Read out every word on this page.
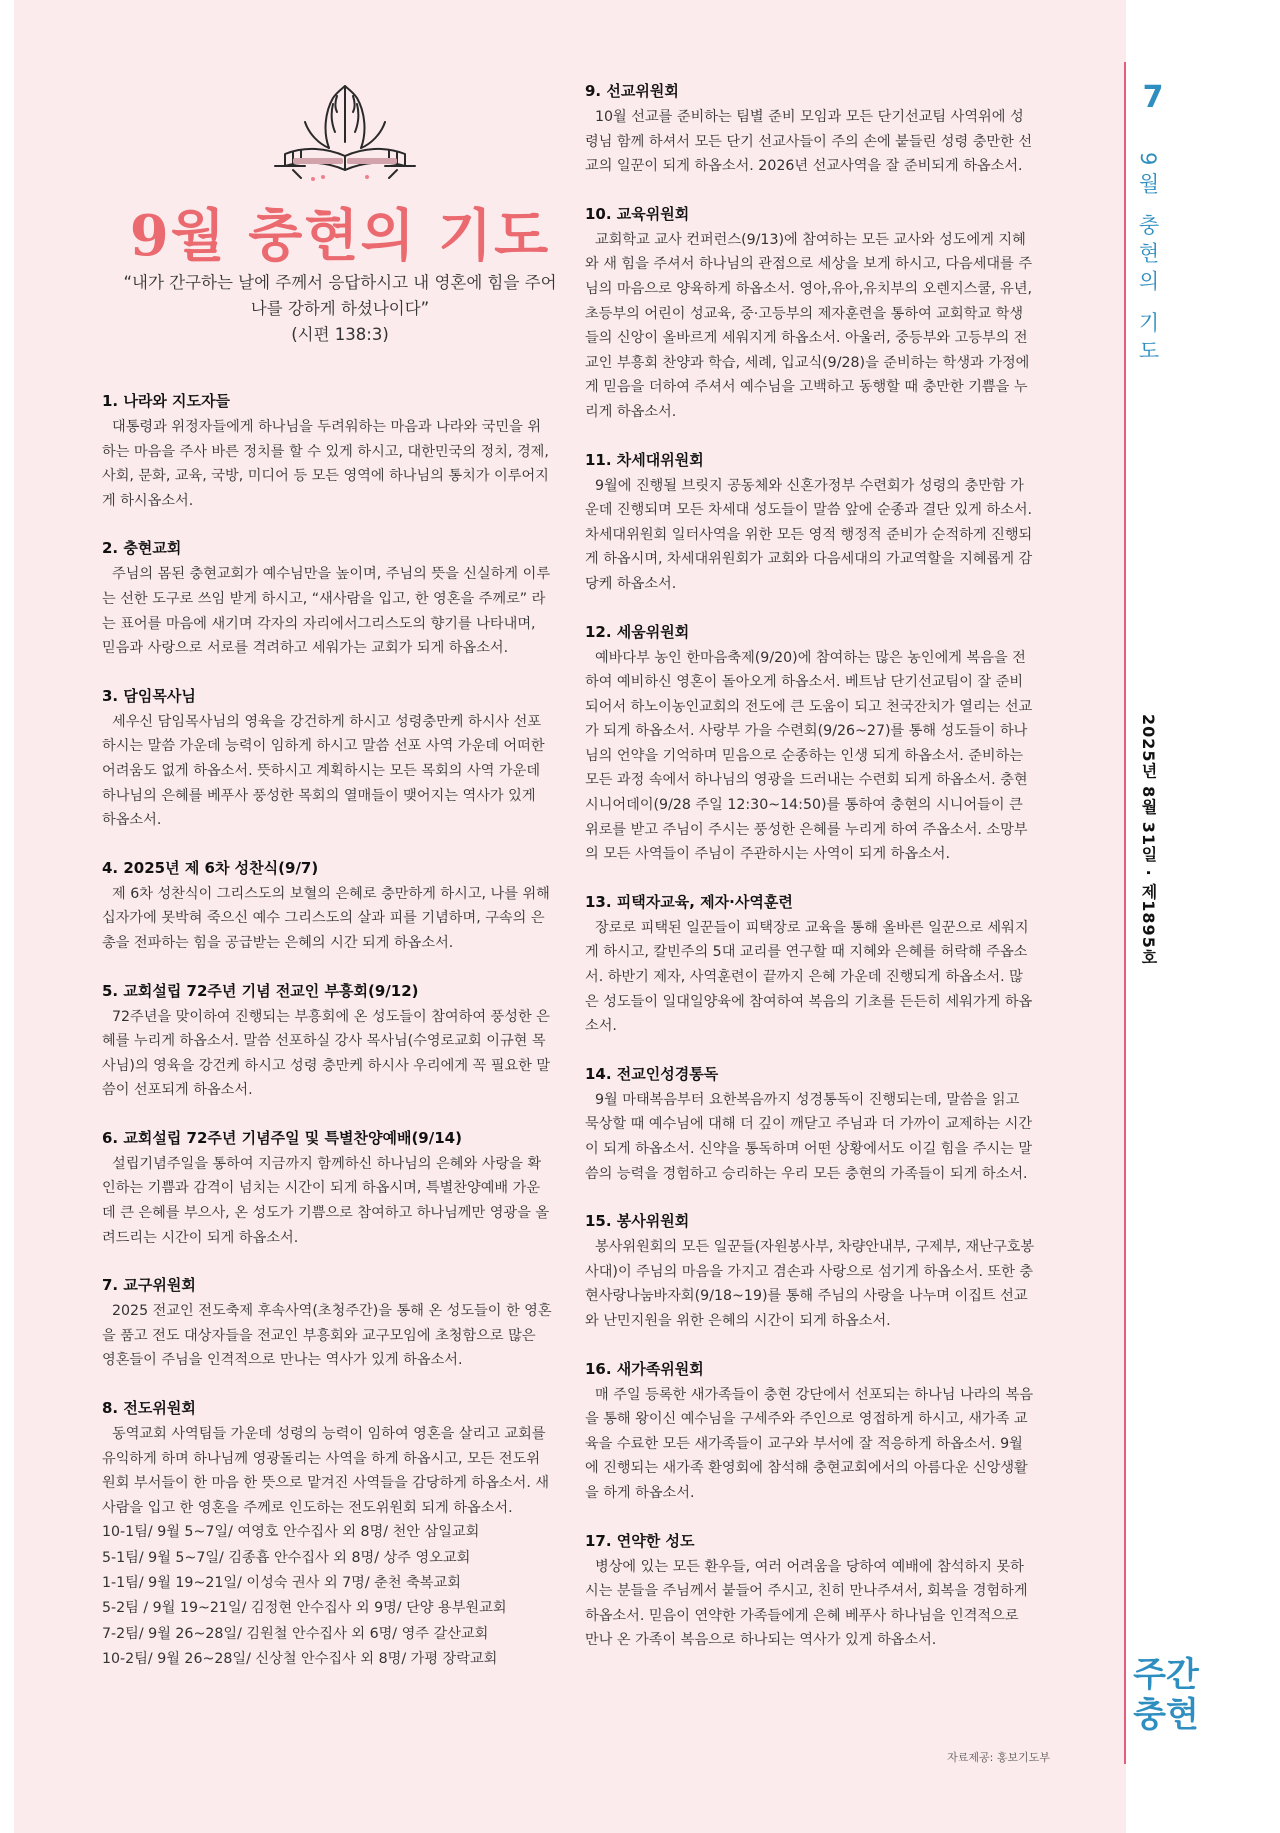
7
9월 충현의 기도
2025년 8월 31일 · 제1895호
주간
충현
9월 충현의 기도
“내가 간구하는 날에 주께서 응답하시고 내 영혼에 힘을 주어
나를 강하게 하셨나이다”
(시편 138:3)
1. 나라와 지도자들

대통령과 위정자들에게 하나님을 두려워하는 마음과 나라와 국민을 위하는 마음을 주사 바른 정치를 할 수 있게 하시고, 대한민국의 정치, 경제, 사회, 문화, 교육, 국방, 미디어 등 모든 영역에 하나님의 통치가 이루어지게 하시옵소서.

2. 충현교회

주님의 몸된 충현교회가 예수님만을 높이며, 주님의 뜻을 신실하게 이루는 선한 도구로 쓰임 받게 하시고, “새사람을 입고, 한 영혼을 주께로” 라는 표어를 마음에 새기며 각자의 자리에서그리스도의 향기를 나타내며, 믿음과 사랑으로 서로를 격려하고 세워가는 교회가 되게 하옵소서.

3. 담임목사님

세우신 담임목사님의 영육을 강건하게 하시고 성령충만케 하시사 선포하시는 말씀 가운데 능력이 임하게 하시고 말씀 선포 사역 가운데 어떠한 어려움도 없게 하옵소서. 뜻하시고 계획하시는 모든 목회의 사역 가운데 하나님의 은혜를 베푸사 풍성한 목회의 열매들이 맺어지는 역사가 있게 하옵소서.

4. 2025년 제 6차 성찬식(9/7)

제 6차 성찬식이 그리스도의 보혈의 은혜로 충만하게 하시고, 나를 위해 십자가에 못박혀 죽으신 예수 그리스도의 살과 피를 기념하며, 구속의 은총을 전파하는 힘을 공급받는 은혜의 시간 되게 하옵소서.

5. 교회설립 72주년 기념 전교인 부흥회(9/12)

72주년을 맞이하여 진행되는 부흥회에 온 성도들이 참여하여 풍성한 은혜를 누리게 하옵소서. 말씀 선포하실 강사 목사님(수영로교회 이규현 목사님)의 영육을 강건케 하시고 성령 충만케 하시사 우리에게 꼭 필요한 말씀이 선포되게 하옵소서.

6. 교회설립 72주년 기념주일 및 특별찬양예배(9/14)

설립기념주일을 통하여 지금까지 함께하신 하나님의 은혜와 사랑을 확인하는 기쁨과 감격이 넘치는 시간이 되게 하옵시며, 특별찬양예배 가운데 큰 은혜를 부으사, 온 성도가 기쁨으로 참여하고 하나님께만 영광을 올려드리는 시간이 되게 하옵소서.

7. 교구위원회

2025 전교인 전도축제 후속사역(초청주간)을 통해 온 성도들이 한 영혼을 품고 전도 대상자들을 전교인 부흥회와 교구모임에 초청함으로 많은 영혼들이 주님을 인격적으로 만나는 역사가 있게 하옵소서.

8. 전도위원회

동역교회 사역팀들 가운데 성령의 능력이 임하여 영혼을 살리고 교회를 유익하게 하며 하나님께 영광돌리는 사역을 하게 하옵시고, 모든 전도위원회 부서들이 한 마음 한 뜻으로 맡겨진 사역들을 감당하게 하옵소서. 새 사람을 입고 한 영혼을 주께로 인도하는 전도위원회 되게 하옵소서.

10-1팀/ 9월 5~7일/ 여영호 안수집사 외 8명/ 천안 삼일교회
5-1팀/ 9월 5~7일/ 김종흡 안수집사 외 8명/ 상주 영오교회
1-1팀/ 9월 19~21일/ 이성숙 권사 외 7명/ 춘천 축복교회
5-2팀 / 9월 19~21일/ 김정현 안수집사 외 9명/ 단양 용부원교회
7-2팀/ 9월 26~28일/ 김원철 안수집사 외 6명/ 영주 갈산교회
10-2팀/ 9월 26~28일/ 신상철 안수집사 외 8명/ 가평 장락교회
9. 선교위원회

10월 선교를 준비하는 팀별 준비 모임과 모든 단기선교팀 사역위에 성령님 함께 하셔서 모든 단기 선교사들이 주의 손에 붙들린 성령 충만한 선교의 일꾼이 되게 하옵소서. 2026년 선교사역을 잘 준비되게 하옵소서.

10. 교육위원회

교회학교 교사 컨퍼런스(9/13)에 참여하는 모든 교사와 성도에게 지혜와 새 힘을 주셔서 하나님의 관점으로 세상을 보게 하시고, 다음세대를 주님의 마음으로 양육하게 하옵소서. 영아,유아,유치부의 오렌지스쿨, 유년,초등부의 어린이 성교육, 중·고등부의 제자훈련을 통하여 교회학교 학생들의 신앙이 올바르게 세워지게 하옵소서. 아울러, 중등부와 고등부의 전교인 부흥회 찬양과 학습, 세례, 입교식(9/28)을 준비하는 학생과 가정에게 믿음을 더하여 주셔서 예수님을 고백하고 동행할 때 충만한 기쁨을 누리게 하옵소서.

11. 차세대위원회

9월에 진행될 브릿지 공동체와 신혼가정부 수련회가 성령의 충만함 가운데 진행되며 모든 차세대 성도들이 말씀 앞에 순종과 결단 있게 하소서. 차세대위원회 일터사역을 위한 모든 영적 행정적 준비가 순적하게 진행되게 하옵시며, 차세대위원회가 교회와 다음세대의 가교역할을 지혜롭게 감당케 하옵소서.

12. 세움위원회

예바다부 농인 한마음축제(9/20)에 참여하는 많은 농인에게 복음을 전하여 예비하신 영혼이 돌아오게 하옵소서. 베트남 단기선교팀이 잘 준비되어서 하노이농인교회의 전도에 큰 도움이 되고 천국잔치가 열리는 선교가 되게 하옵소서. 사랑부 가을 수련회(9/26~27)를 통해 성도들이 하나님의 언약을 기억하며 믿음으로 순종하는 인생 되게 하옵소서. 준비하는 모든 과정 속에서 하나님의 영광을 드러내는 수련회 되게 하옵소서. 충현시니어데이(9/28 주일 12:30~14:50)를 통하여 충현의 시니어들이 큰 위로를 받고 주님이 주시는 풍성한 은혜를 누리게 하여 주옵소서. 소망부의 모든 사역들이 주님이 주관하시는 사역이 되게 하옵소서.

13. 피택자교육, 제자·사역훈련

장로로 피택된 일꾼들이 피택장로 교육을 통해 올바른 일꾼으로 세워지게 하시고, 칼빈주의 5대 교리를 연구할 때 지혜와 은혜를 허락해 주옵소서. 하반기 제자, 사역훈련이 끝까지 은혜 가운데 진행되게 하옵소서. 많은 성도들이 일대일양육에 참여하여 복음의 기초를 든든히 세워가게 하옵소서.

14. 전교인성경통독

9월 마태복음부터 요한복음까지 성경통독이 진행되는데, 말씀을 읽고 묵상할 때 예수님에 대해 더 깊이 깨닫고 주님과 더 가까이 교제하는 시간이 되게 하옵소서. 신약을 통독하며 어떤 상황에서도 이길 힘을 주시는 말씀의 능력을 경험하고 승리하는 우리 모든 충현의 가족들이 되게 하소서.

15. 봉사위원회

봉사위원회의 모든 일꾼들(자원봉사부, 차량안내부, 구제부, 재난구호봉사대)이 주님의 마음을 가지고 겸손과 사랑으로 섬기게 하옵소서. 또한 충현사랑나눔바자회(9/18~19)를 통해 주님의 사랑을 나누며 이집트 선교와 난민지원을 위한 은혜의 시간이 되게 하옵소서.

16. 새가족위원회

매 주일 등록한 새가족들이 충현 강단에서 선포되는 하나님 나라의 복음을 통해 왕이신 예수님을 구세주와 주인으로 영접하게 하시고, 새가족 교육을 수료한 모든 새가족들이 교구와 부서에 잘 적응하게 하옵소서. 9월에 진행되는 새가족 환영회에 참석해 충현교회에서의 아름다운 신앙생활을 하게 하옵소서.

17. 연약한 성도

병상에 있는 모든 환우들, 여러 어려움을 당하여 예배에 참석하지 못하시는 분들을 주님께서 붙들어 주시고, 친히 만나주셔서, 회복을 경험하게 하옵소서. 믿음이 연약한 가족들에게 은혜 베푸사 하나님을 인격적으로 만나 온 가족이 복음으로 하나되는 역사가 있게 하옵소서.

자료제공: 홍보기도부
